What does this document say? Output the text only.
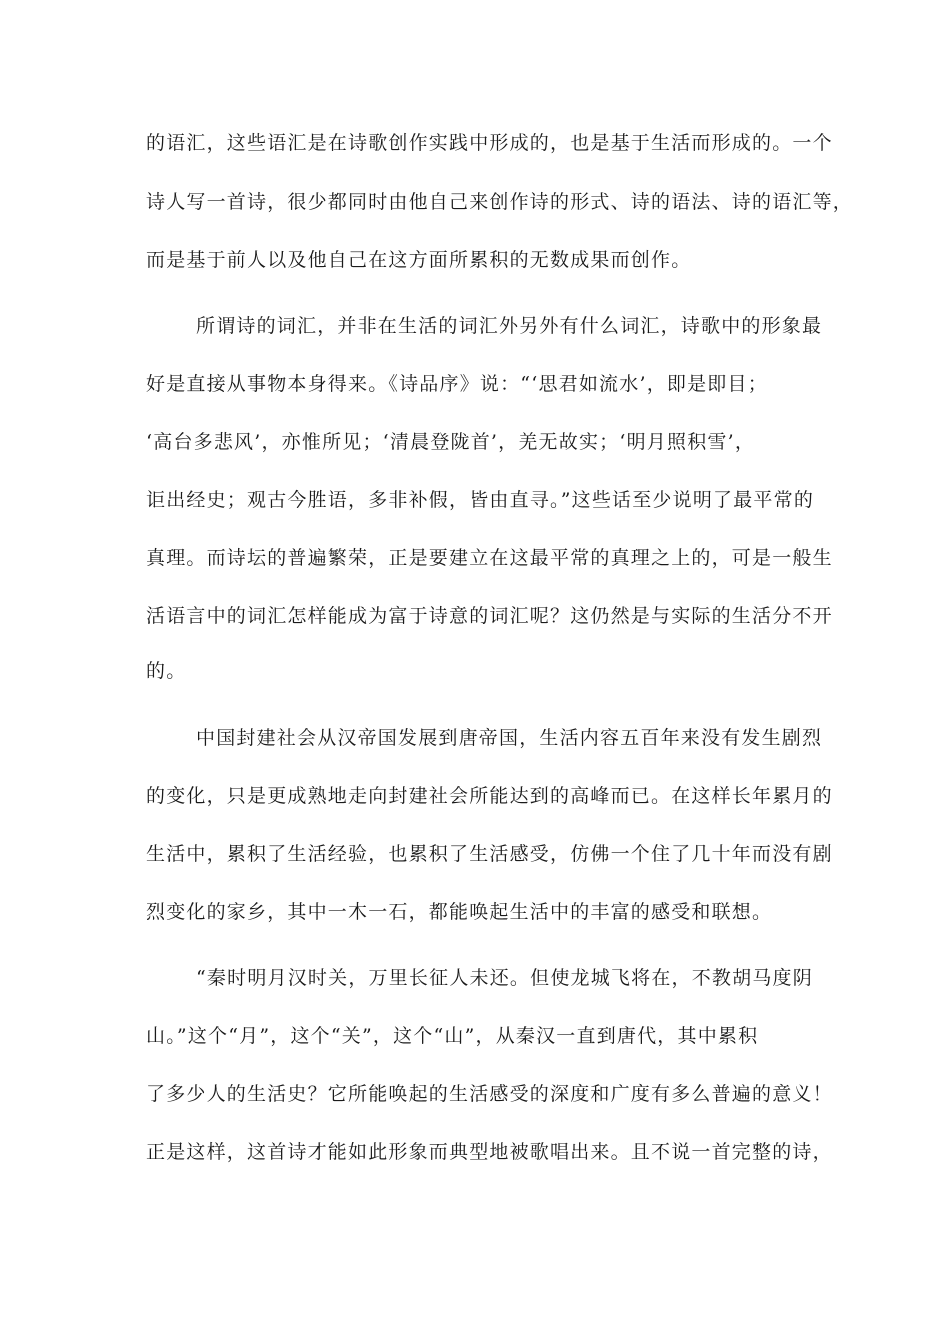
的语汇，这些语汇是在诗歌创作实践中形成的，也是基于生活而形成的。一个
诗人写一首诗，很少都同时由他自己来创作诗的形式、诗的语法、诗的语汇等，
而是基于前人以及他自己在这方面所累积的无数成果而创作。
所谓诗的词汇，并非在生活的词汇外另外有什么词汇，诗歌中的形象最
好是直接从事物本身得来。《诗品序》说：“‘思君如流水’，即是即目；
‘高台多悲风’，亦惟所见；‘清晨登陇首’，羌无故实；‘明月照积雪’，
讵出经史；观古今胜语，多非补假，皆由直寻。”这些话至少说明了最平常的
真理。而诗坛的普遍繁荣，正是要建立在这最平常的真理之上的，可是一般生
活语言中的词汇怎样能成为富于诗意的词汇呢？这仍然是与实际的生活分不开
的。
中国封建社会从汉帝国发展到唐帝国，生活内容五百年来没有发生剧烈
的变化，只是更成熟地走向封建社会所能达到的高峰而已。在这样长年累月的
生活中，累积了生活经验，也累积了生活感受，仿佛一个住了几十年而没有剧
烈变化的家乡，其中一木一石，都能唤起生活中的丰富的感受和联想。
“秦时明月汉时关，万里长征人未还。但使龙城飞将在，不教胡马度阴
山。”这个“月”，这个“关”，这个“山”，从秦汉一直到唐代，其中累积
了多少人的生活史？它所能唤起的生活感受的深度和广度有多么普遍的意义！
正是这样，这首诗才能如此形象而典型地被歌唱出来。且不说一首完整的诗，
